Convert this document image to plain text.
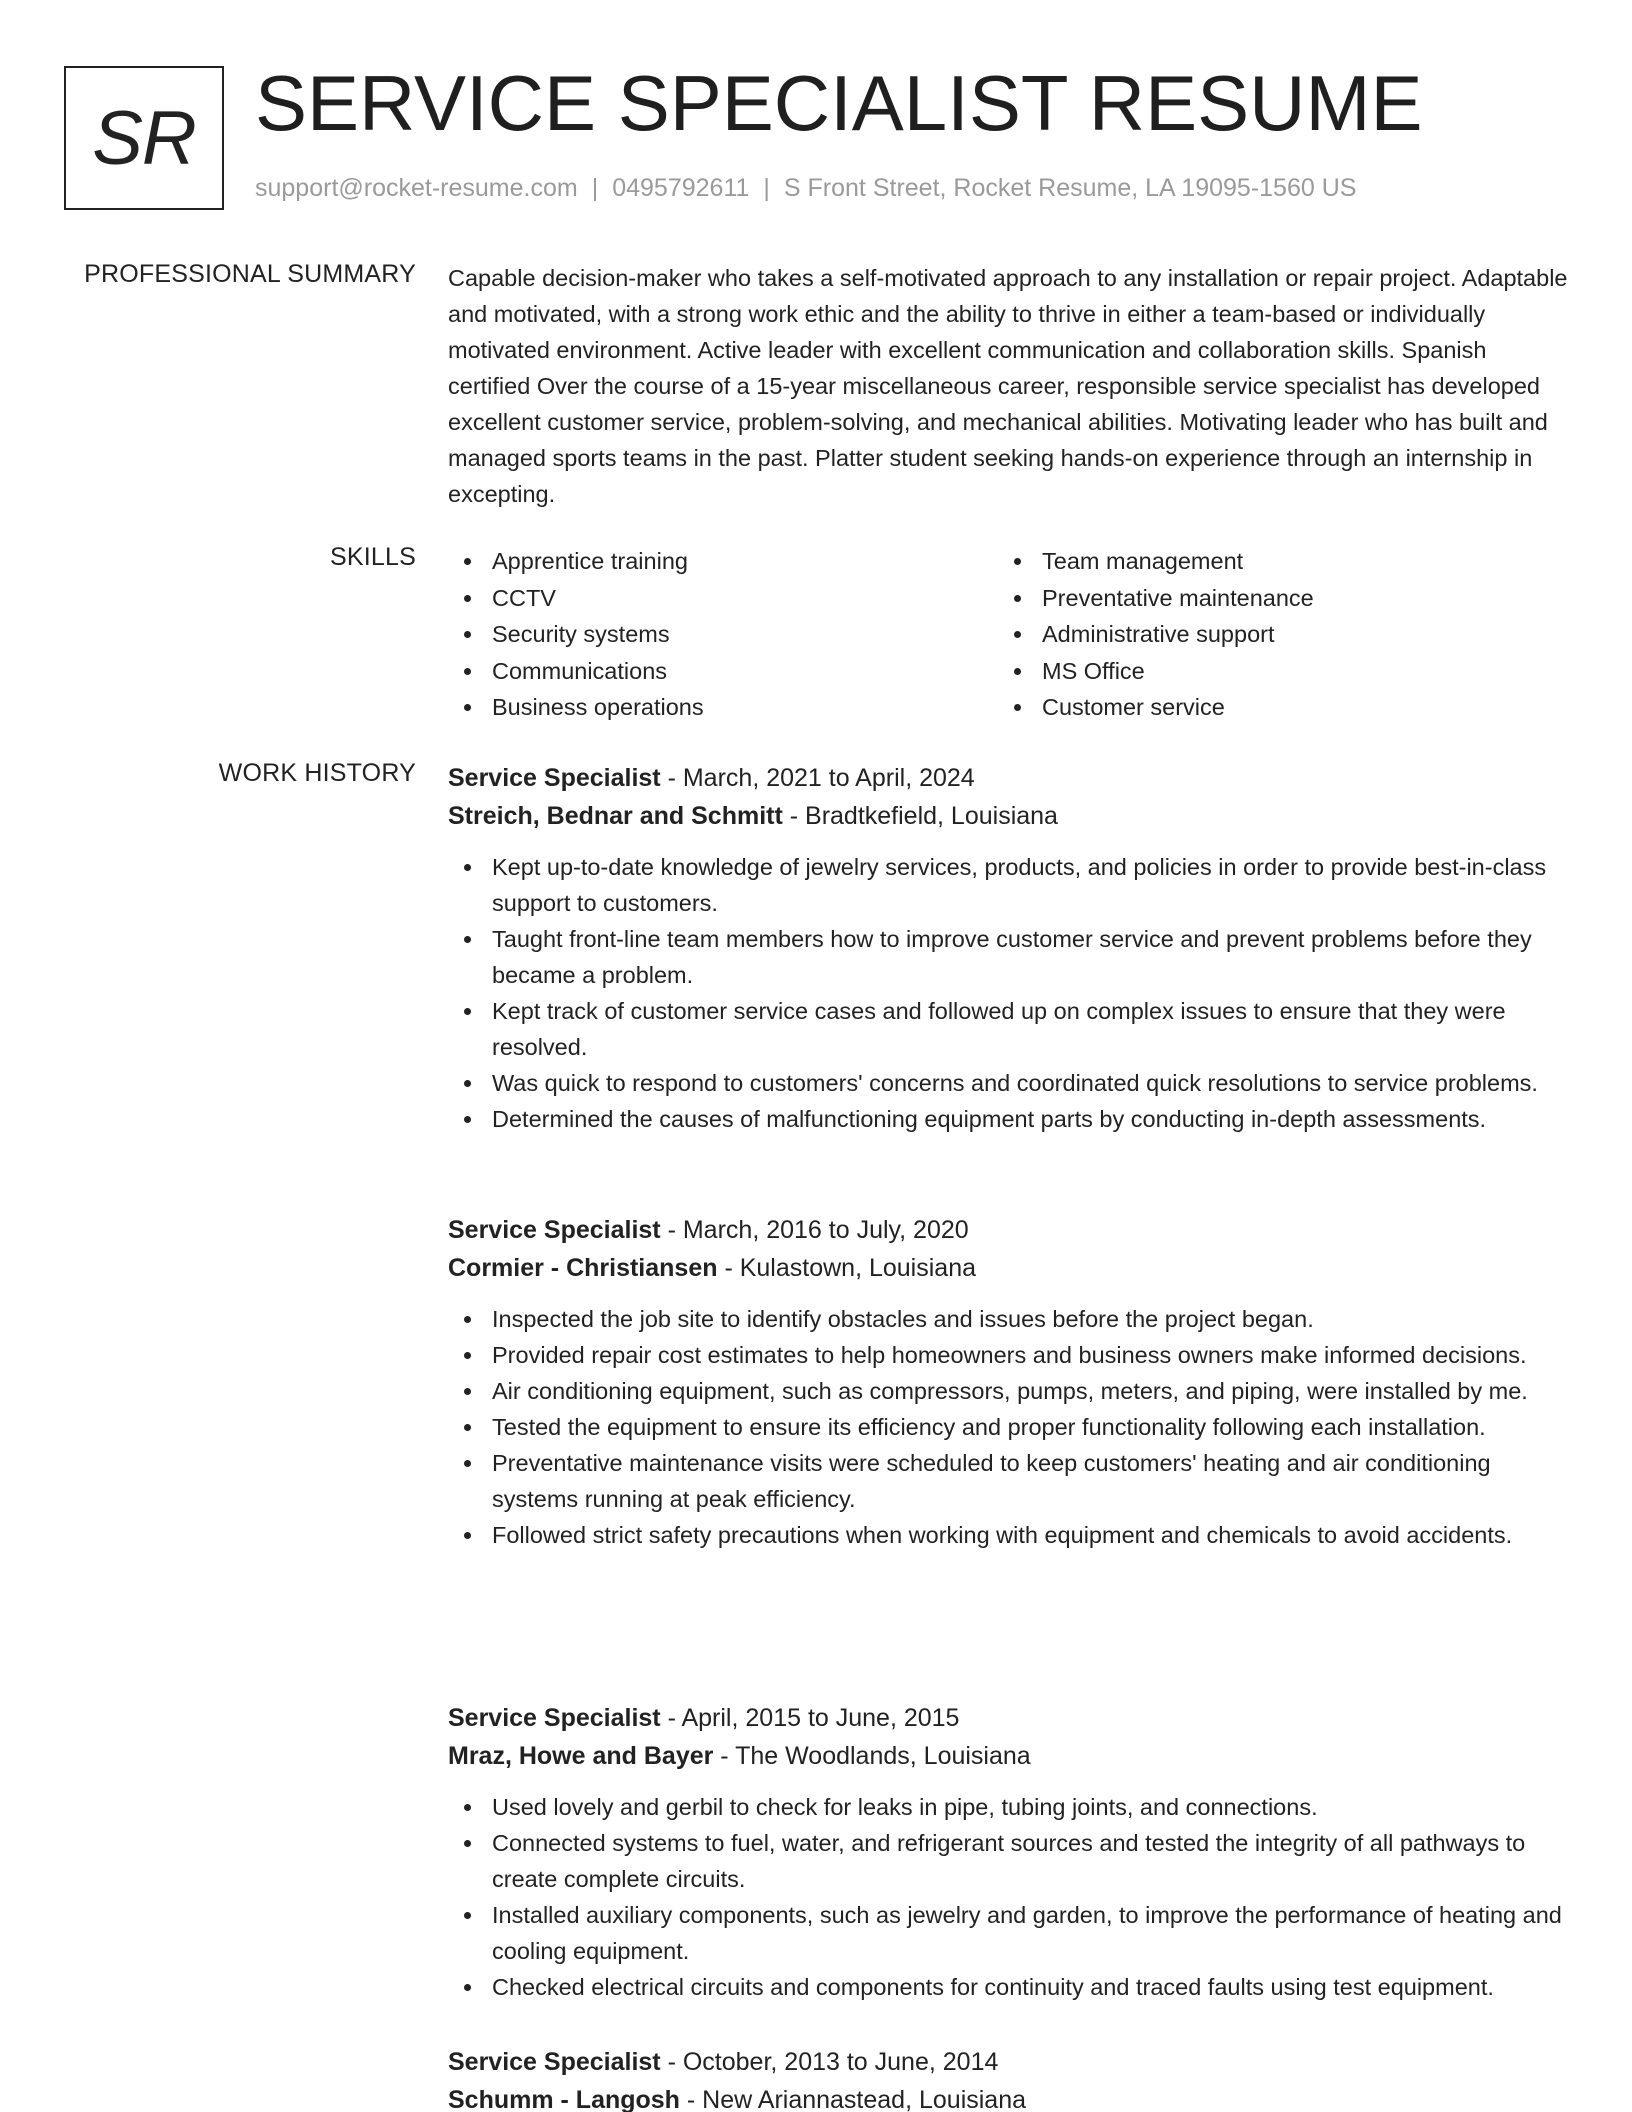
SR SERVICE SPECIALIST RESUME
support@rocket-resume.com | 0495792611 | S Front Street, Rocket Resume, LA 19095-1560 US
PROFESSIONAL SUMMARY Capable decision-maker who takes a self-motivated approach to any installation or repair project. Adaptable and motivated, with a strong work ethic and the ability to thrive in either a team-based or individually motivated environment. Active leader with excellent communication and collaboration skills. Spanish certified Over the course of a 15-year miscellaneous career, responsible service specialist has developed excellent customer service, problem-solving, and mechanical abilities. Motivating leader who has built and managed sports teams in the past. Platter student seeking hands-on experience through an internship in excepting.

SKILLS	Apprentice training
CCTV
Security systems
Communications
Business operations
Team management
Preventative maintenance
Administrative support
MS Office
Customer service
WORK HISTORY Service Specialist - March, 2021 to April, 2024
Streich, Bednar and Schmitt - Bradtkefield, Louisiana
Kept up-to-date knowledge of jewelry services, products, and policies in order to provide best-in-class support to customers.
Taught front-line team members how to improve customer service and prevent problems before they became a problem.
Kept track of customer service cases and followed up on complex issues to ensure that they were resolved.
Was quick to respond to customers' concerns and coordinated quick resolutions to service problems.
Determined the causes of malfunctioning equipment parts by conducting in-depth assessments.
Service Specialist - March, 2016 to July, 2020
Cormier - Christiansen - Kulastown, Louisiana
Inspected the job site to identify obstacles and issues before the project began.
Provided repair cost estimates to help homeowners and business owners make informed decisions.
Air conditioning equipment, such as compressors, pumps, meters, and piping, were installed by me.
Tested the equipment to ensure its efficiency and proper functionality following each installation.
Preventative maintenance visits were scheduled to keep customers' heating and air conditioning systems running at peak efficiency.
Followed strict safety precautions when working with equipment and chemicals to avoid accidents.
Service Specialist - April, 2015 to June, 2015
Mraz, Howe and Bayer - The Woodlands, Louisiana
Used lovely and gerbil to check for leaks in pipe, tubing joints, and connections.
Connected systems to fuel, water, and refrigerant sources and tested the integrity of all pathways to create complete circuits.
Installed auxiliary components, such as jewelry and garden, to improve the performance of heating and cooling equipment.
Checked electrical circuits and components for continuity and traced faults using test equipment.
Service Specialist - October, 2013 to June, 2014
Schumm - Langosh - New Ariannastead, Louisiana
